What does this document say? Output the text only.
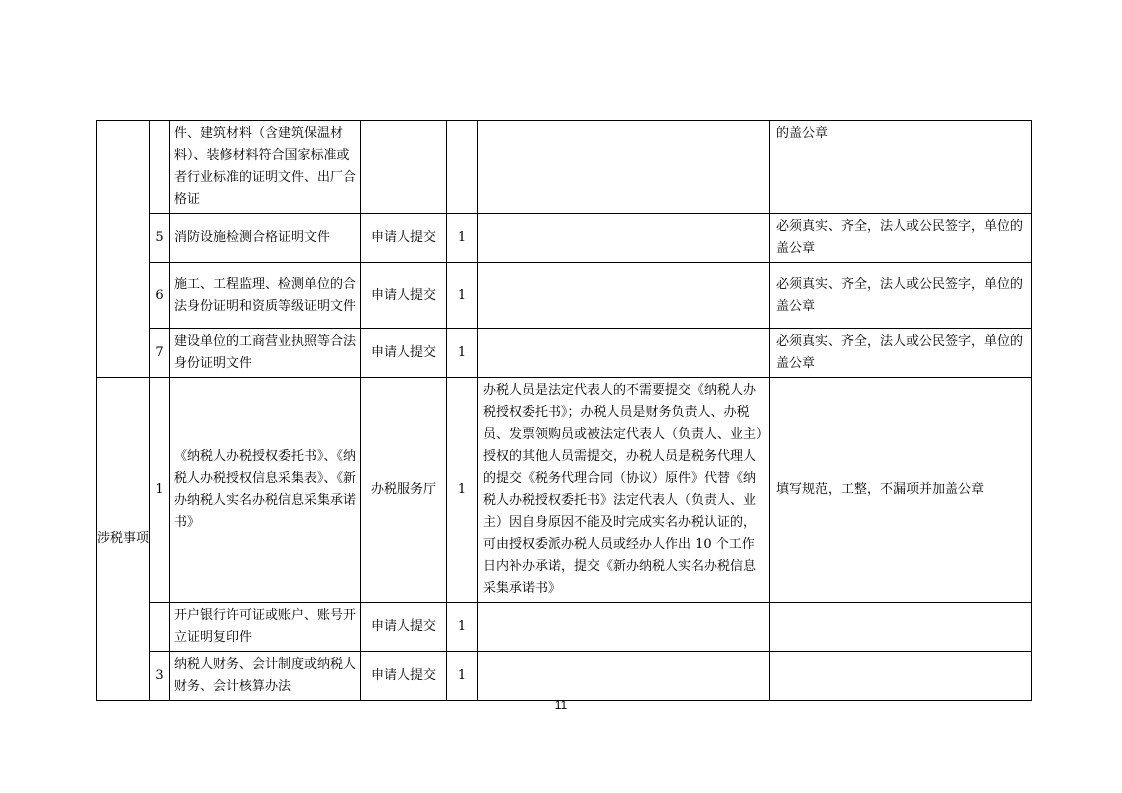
		件、建筑材料（含建筑保温材料）、装修材料符合国家标准或者行业标准的证明文件、出厂合格证				的盖公章
	5	消防设施检测合格证明文件	申请人提交	1		必须真实、齐全，法人或公民签字，单位的盖公章
	6	施工、工程监理、检测单位的合法身份证明和资质等级证明文件	申请人提交	1		必须真实、齐全，法人或公民签字，单位的盖公章
	7	建设单位的工商营业执照等合法身份证明文件	申请人提交	1		必须真实、齐全，法人或公民签字，单位的盖公章
涉税事项	1	《纳税人办税授权委托书》、《纳税人办税授权信息采集表》、《新办纳税人实名办税信息采集承诺书》	办税服务厅	1	办税人员是法定代表人的不需要提交《纳税人办税授权委托书》；办税人员是财务负责人、办税员、发票领购员或被法定代表人（负责人、业主）授权的其他人员需提交，办税人员是税务代理人的提交《税务代理合同（协议）原件》代替《纳税人办税授权委托书》法定代表人（负责人、业主）因自身原因不能及时完成实名办税认证的，可由授权委派办税人员或经办人作出 10 个工作日内补办承诺，提交《新办纳税人实名办税信息采集承诺书》	填写规范，工整，不漏项并加盖公章
		开户银行许可证或账户、账号开立证明复印件	申请人提交	1		
	3	纳税人财务、会计制度或纳税人财务、会计核算办法	申请人提交	1		
11
